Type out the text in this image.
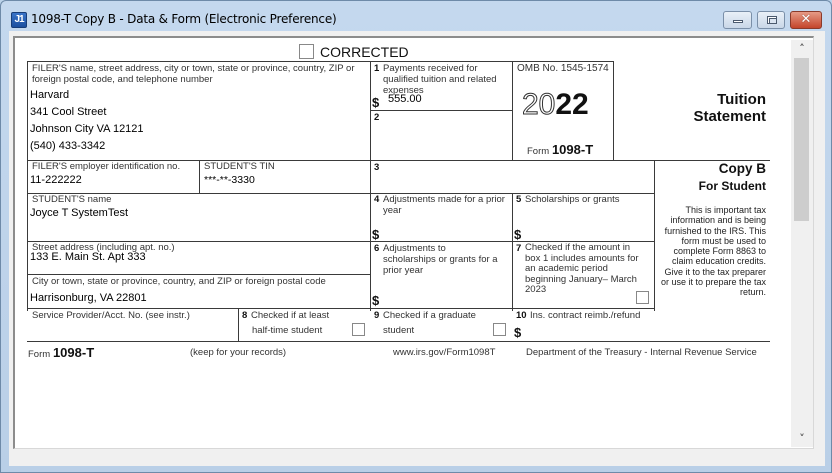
J1 1098-T Copy B - Data & Form (Electronic Preference)	✕
CORRECTED
FILER'S name, street address, city or town, state or province, country, ZIP or foreign postal code, and telephone number
Harvard
341 Cool Street
Johnson City VA 12121
(540) 433-3342
1 Payments received for qualified tuition and related expenses
$ 555.00
2
OMB No. 1545-1574
2022
Form 1098-T
Tuition
Statement
FILER'S employer identification no.
11-222222
STUDENT'S TIN
***-**-3330
3	Copy B
For Student
This is important tax information and is being furnished to the IRS. This form must be used to complete Form 8863 to claim education credits. Give it to the tax preparer or use it to prepare the tax return.
STUDENT'S name
Joyce T SystemTest
4 Adjustments made for a prior year
$
5 Scholarships or grants
$
Street address (including apt. no.)
133 E. Main St. Apt 333
City or town, state or province, country, and ZIP or foreign postal code
Harrisonburg, VA 22801
6 Adjustments to scholarships or grants for a prior year
$
7 Checked if the amount in box 1 includes amounts for an academic period beginning January– March 2023
Service Provider/Acct. No. (see instr.)	8 Checked if at least
half-time student
9 Checked if a graduate
student
10 Ins. contract reimb./refund
$
Form 1098-T	(keep for your records)	www.irs.gov/Form1098T	Department of the Treasury - Internal Revenue Service
˄
˅
